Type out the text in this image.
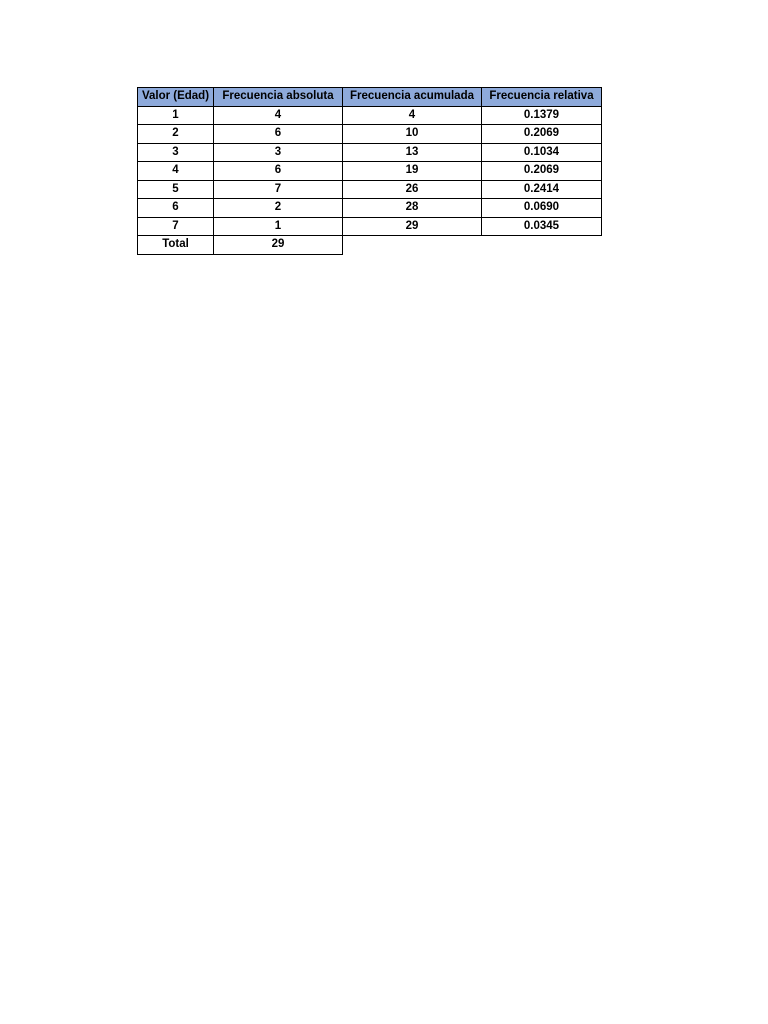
Valor (Edad)	Frecuencia absoluta	Frecuencia acumulada	Frecuencia relativa
1	4	4	0.1379
2	6	10	0.2069
3	3	13	0.1034
4	6	19	0.2069
5	7	26	0.2414
6	2	28	0.0690
7	1	29	0.0345
Total	29		
